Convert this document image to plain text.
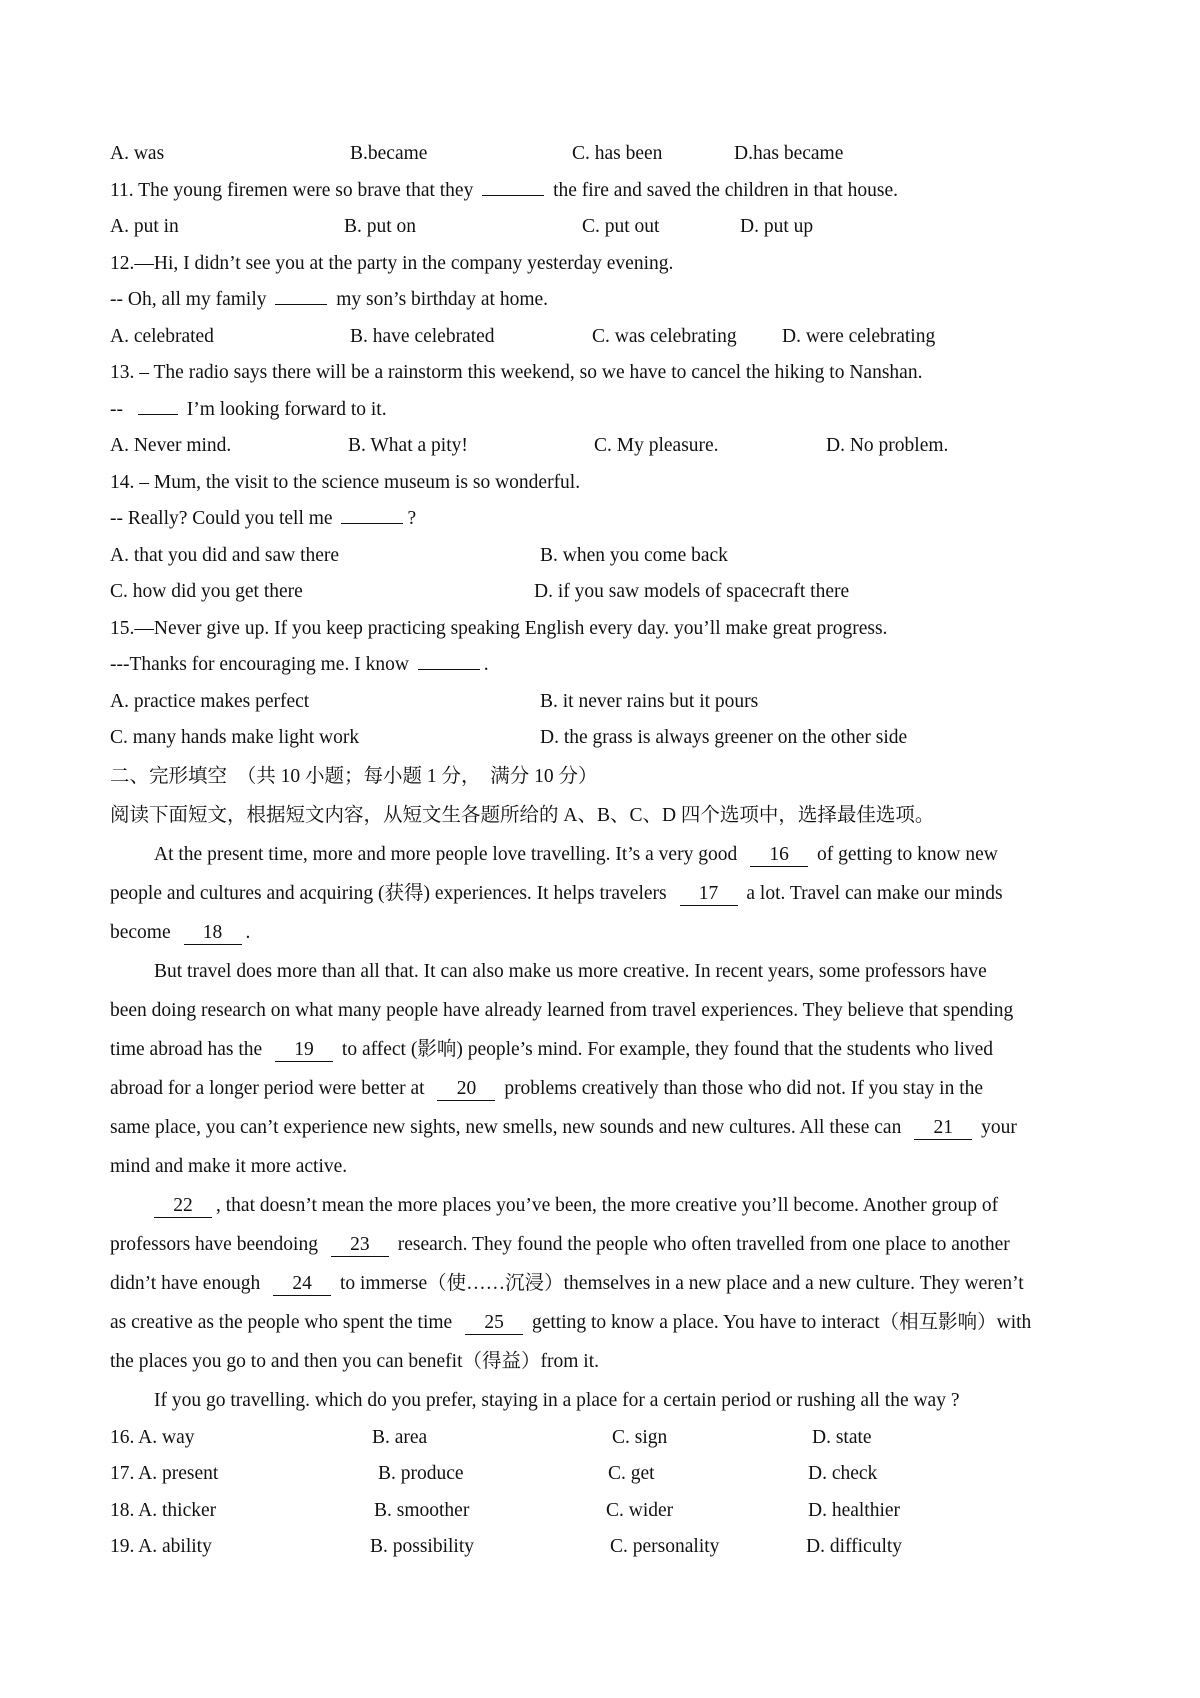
A. was	B.became	C. has been	D.has became
11. The young firemen were so brave that they	the fire and saved the children in that house.
A. put in	B. put on	C. put out	D. put up
12.—Hi, I didn’t see you at the party in the company yesterday evening.
-- Oh, all my family	my son’s birthday at home.
A. celebrated	B. have celebrated	C. was celebrating	D. were celebrating
13. – The radio says there will be a rainstorm this weekend, so we have to cancel the hiking to Nanshan.
--	I’m looking forward to it.
A. Never mind.	B. What a pity!	C. My pleasure.	D. No problem.
14. – Mum, the visit to the science museum is so wonderful.
-- Really? Could you tell me	?
A. that you did and saw there	B. when you come back
C. how did you get there	D. if you saw models of spacecraft there
15.—Never give up. If you keep practicing speaking English every day. you’ll make great progress.
---Thanks for encouraging me. I know	.
A. practice makes perfect	B. it never rains but it pours
C. many hands make light work	D. the grass is always greener on the other side
二、完形填空　（共 10 小题；每小题 1 分，　满分 10 分）
阅读下面短文，根据短文内容，从短文生各题所给的 A、B、C、D 四个选项中，选择最佳选项。
At the present time, more and more people love travelling. It’s a very good 16 of getting to know new
people and cultures and acquiring (获得) experiences. It helps travelers 17 a lot. Travel can make our minds
become 18 .
But travel does more than all that. It can also make us more creative. In recent years, some professors have
been doing research on what many people have already learned from travel experiences. They believe that spending
time abroad has the 19 to affect (影响) people’s mind. For example, they found that the students who lived
abroad for a longer period were better at 20 problems creatively than those who did not. If you stay in the
same place, you can’t experience new sights, new smells, new sounds and new cultures. All these can 21 your
mind and make it more active.
22 , that doesn’t mean the more places you’ve been, the more creative you’ll become. Another group of
professors have beendoing 23 research. They found the people who often travelled from one place to another
didn’t have enough 24 to immerse（使……沉浸）themselves in a new place and a new culture. They weren’t
as creative as the people who spent the time 25 getting to know a place. You have to interact（相互影响）with
the places you go to and then you can benefit（得益）from it.
If you go travelling. which do you prefer, staying in a place for a certain period or rushing all the way ?
16. A. way	B. area	C. sign	D. state
17. A. present	B. produce	C. get	D. check
18. A. thicker	B. smoother	C. wider	D. healthier
19. A. ability	B. possibility	C. personality	D. difficulty
